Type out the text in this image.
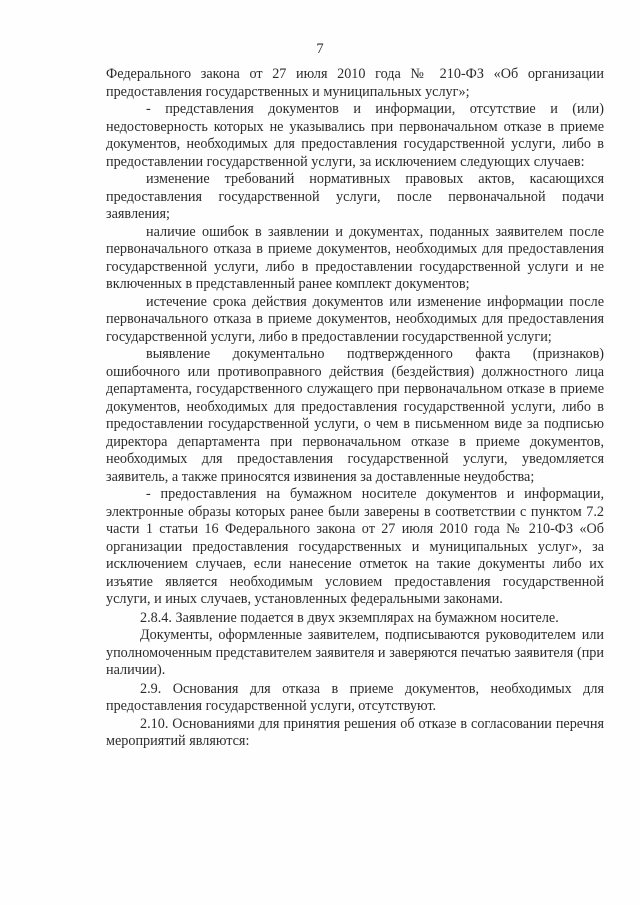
7

Федерального закона от 27 июля 2010 года № 210-ФЗ «Об организации предоставления государственных и муниципальных услуг»;

- представления документов и информации, отсутствие и (или) недостоверность которых не указывались при первоначальном отказе в приеме документов, необходимых для предоставления государственной услуги, либо в предоставлении государственной услуги, за исключением следующих случаев:

изменение требований нормативных правовых актов, касающихся предоставления государственной услуги, после первоначальной подачи заявления;

наличие ошибок в заявлении и документах, поданных заявителем после первоначального отказа в приеме документов, необходимых для предоставления государственной услуги, либо в предоставлении государственной услуги и не включенных в представленный ранее комплект документов;

истечение срока действия документов или изменение информации после первоначального отказа в приеме документов, необходимых для предоставления государственной услуги, либо в предоставлении государственной услуги;

выявление документально подтвержденного факта (признаков) ошибочного или противоправного действия (бездействия) должностного лица департамента, государственного служащего при первоначальном отказе в приеме документов, необходимых для предоставления государственной услуги, либо в предоставлении государственной услуги, о чем в письменном виде за подписью директора департамента при первоначальном отказе в приеме документов, необходимых для предоставления государственной услуги, уведомляется заявитель, а также приносятся извинения за доставленные неудобства;

- предоставления на бумажном носителе документов и информации, электронные образы которых ранее были заверены в соответствии с пунктом 7.2 части 1 статьи 16 Федерального закона от 27 июля 2010 года № 210-ФЗ «Об организации предоставления государственных и муниципальных услуг», за исключением случаев, если нанесение отметок на такие документы либо их изъятие является необходимым условием предоставления государственной услуги, и иных случаев, установленных федеральными законами.

2.8.4. Заявление подается в двух экземплярах на бумажном носителе.

Документы, оформленные заявителем, подписываются руководителем или уполномоченным представителем заявителя и заверяются печатью заявителя (при наличии).

2.9. Основания для отказа в приеме документов, необходимых для предоставления государственной услуги, отсутствуют.

2.10. Основаниями для принятия решения об отказе в согласовании перечня мероприятий являются:
